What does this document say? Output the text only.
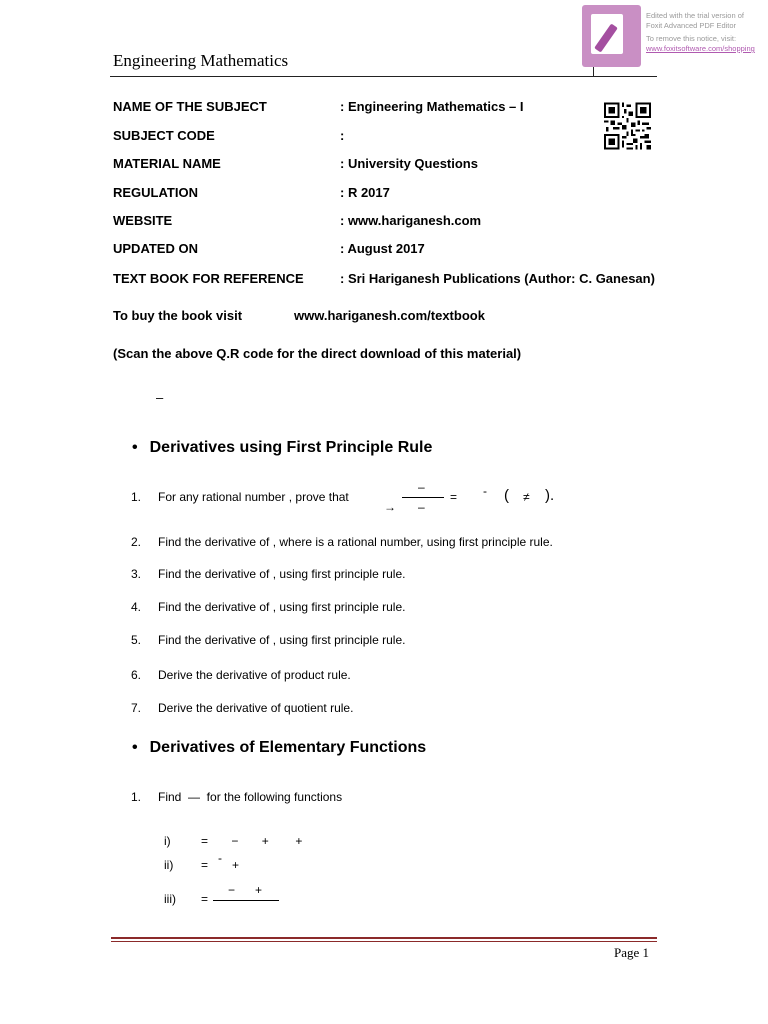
Engineering Mathematics
Edited with the trial version of
Foxit Advanced PDF Editor
To remove this notice, visit:
www.foxitsoftware.com/shopping
NAME OF THE SUBJECT	: Engineering Mathematics – I
SUBJECT CODE	:
MATERIAL NAME	: University Questions
REGULATION	: R 2017
WEBSITE	: www.hariganesh.com
UPDATED ON	: August 2017
TEXT BOOK FOR REFERENCE	: Sri Hariganesh Publications (Author: C. Ganesan)
To buy the book visit	www.hariganesh.com/textbook
(Scan the above Q.R code for the direct download of this material)
–
• Derivatives using First Principle Rule
1. For any rational number , prove that
→
–
–
= - ( ≠ ).
2. Find the derivative of , where is a rational number, using first principle rule.
3. Find the derivative of , using first principle rule.
4. Find the derivative of , using first principle rule.
5. Find the derivative of , using first principle rule.
6. Derive the derivative of product rule.
7. Derive the derivative of quotient rule.
• Derivatives of Elementary Functions
1. Find  —  for the following functions
i)	=       −       +        +
ii) = - +
iii) =
−      +
Page 1
